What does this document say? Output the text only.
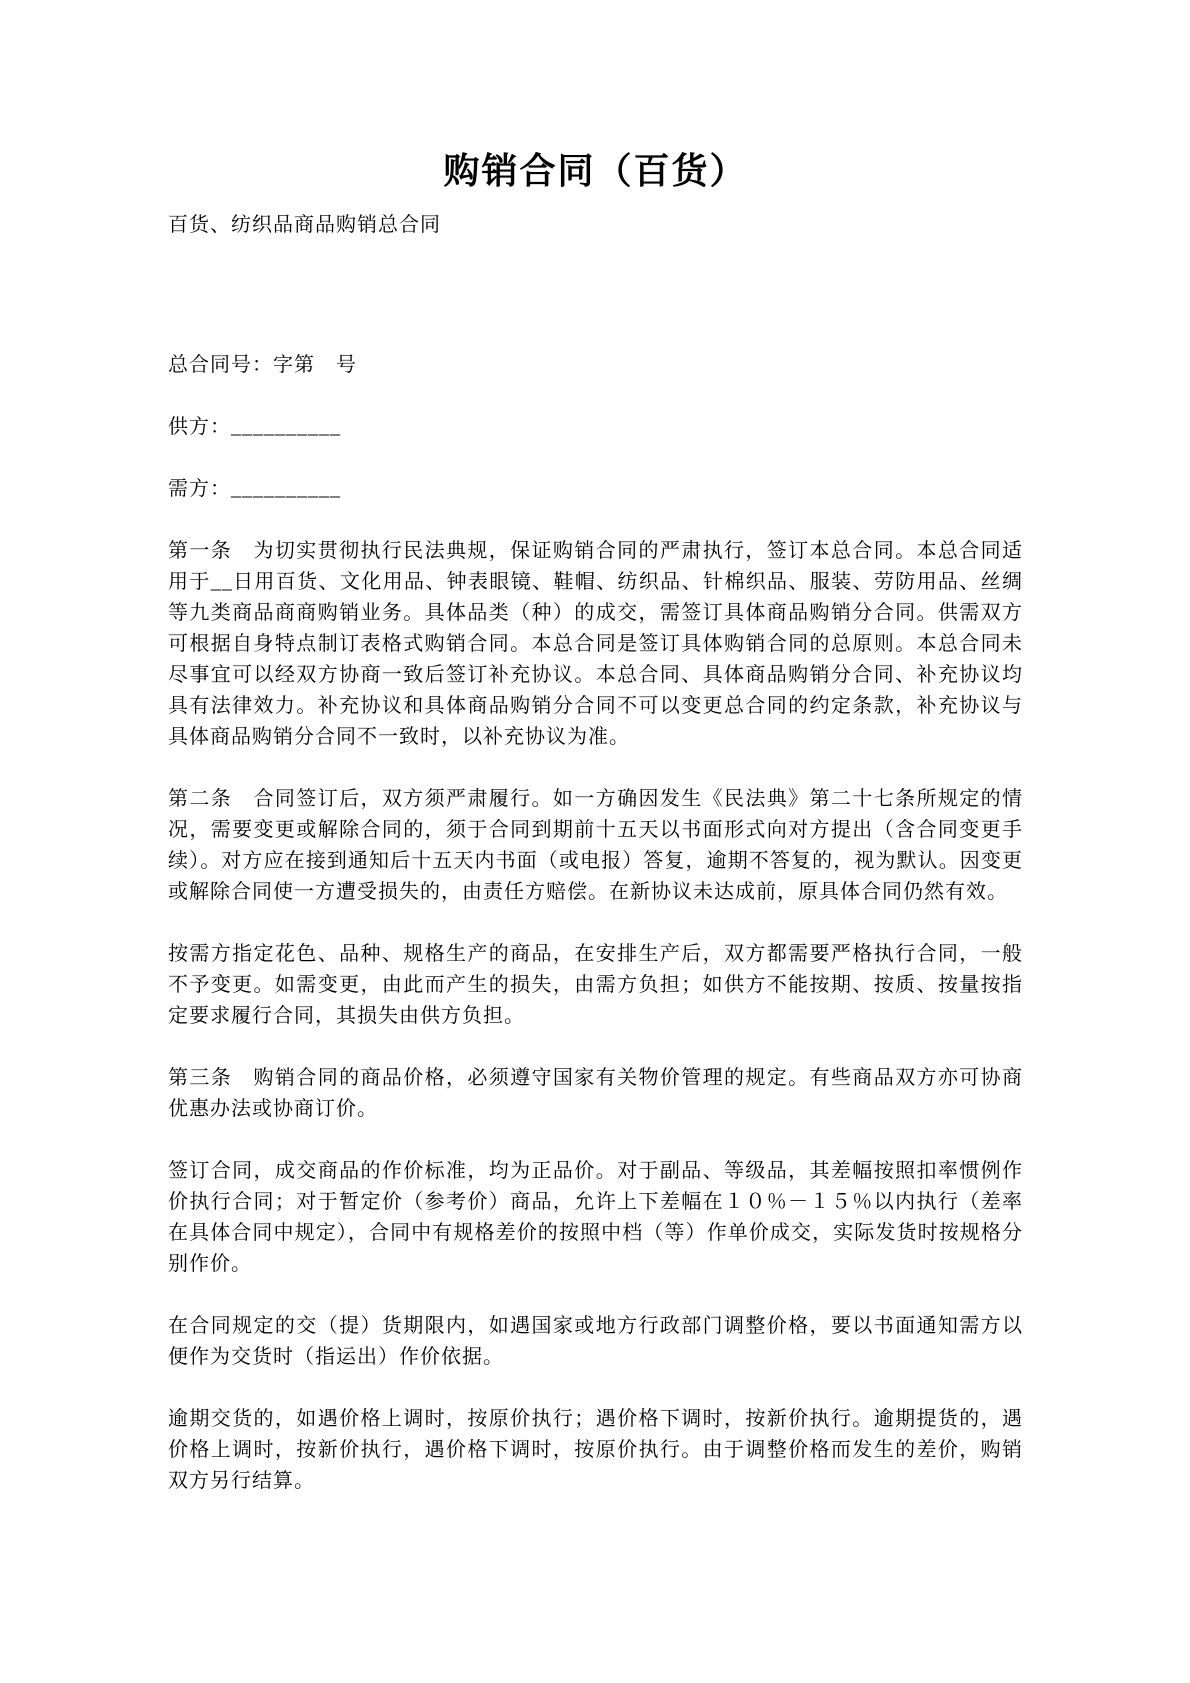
购销合同（百货）

百货、纺织品商品购销总合同

总合同号：字第　号

供方：__________

需方：__________

第一条　为切实贯彻执行民法典规，保证购销合同的严肃执行，签订本总合同。本总合同适用于__日用百货、文化用品、钟表眼镜、鞋帽、纺织品、针棉织品、服装、劳防用品、丝绸等九类商品商商购销业务。具体品类（种）的成交，需签订具体商品购销分合同。供需双方可根据自身特点制订表格式购销合同。本总合同是签订具体购销合同的总原则。本总合同未尽事宜可以经双方协商一致后签订补充协议。本总合同、具体商品购销分合同、补充协议均具有法律效力。补充协议和具体商品购销分合同不可以变更总合同的约定条款，补充协议与具体商品购销分合同不一致时，以补充协议为准。

第二条　合同签订后，双方须严肃履行。如一方确因发生《民法典》第二十七条所规定的情况，需要变更或解除合同的，须于合同到期前十五天以书面形式向对方提出（含合同变更手续）。对方应在接到通知后十五天内书面（或电报）答复，逾期不答复的，视为默认。因变更或解除合同使一方遭受损失的，由责任方赔偿。在新协议未达成前，原具体合同仍然有效。

按需方指定花色、品种、规格生产的商品，在安排生产后，双方都需要严格执行合同，一般不予变更。如需变更，由此而产生的损失，由需方负担；如供方不能按期、按质、按量按指定要求履行合同，其损失由供方负担。

第三条　购销合同的商品价格，必须遵守国家有关物价管理的规定。有些商品双方亦可协商优惠办法或协商订价。

签订合同，成交商品的作价标准，均为正品价。对于副品、等级品，其差幅按照扣率惯例作价执行合同；对于暂定价（参考价）商品，允许上下差幅在１０％－１５％以内执行（差率在具体合同中规定），合同中有规格差价的按照中档（等）作单价成交，实际发货时按规格分别作价。

在合同规定的交（提）货期限内，如遇国家或地方行政部门调整价格，要以书面通知需方以便作为交货时（指运出）作价依据。

逾期交货的，如遇价格上调时，按原价执行；遇价格下调时，按新价执行。逾期提货的，遇价格上调时，按新价执行，遇价格下调时，按原价执行。由于调整价格而发生的差价，购销双方另行结算。
